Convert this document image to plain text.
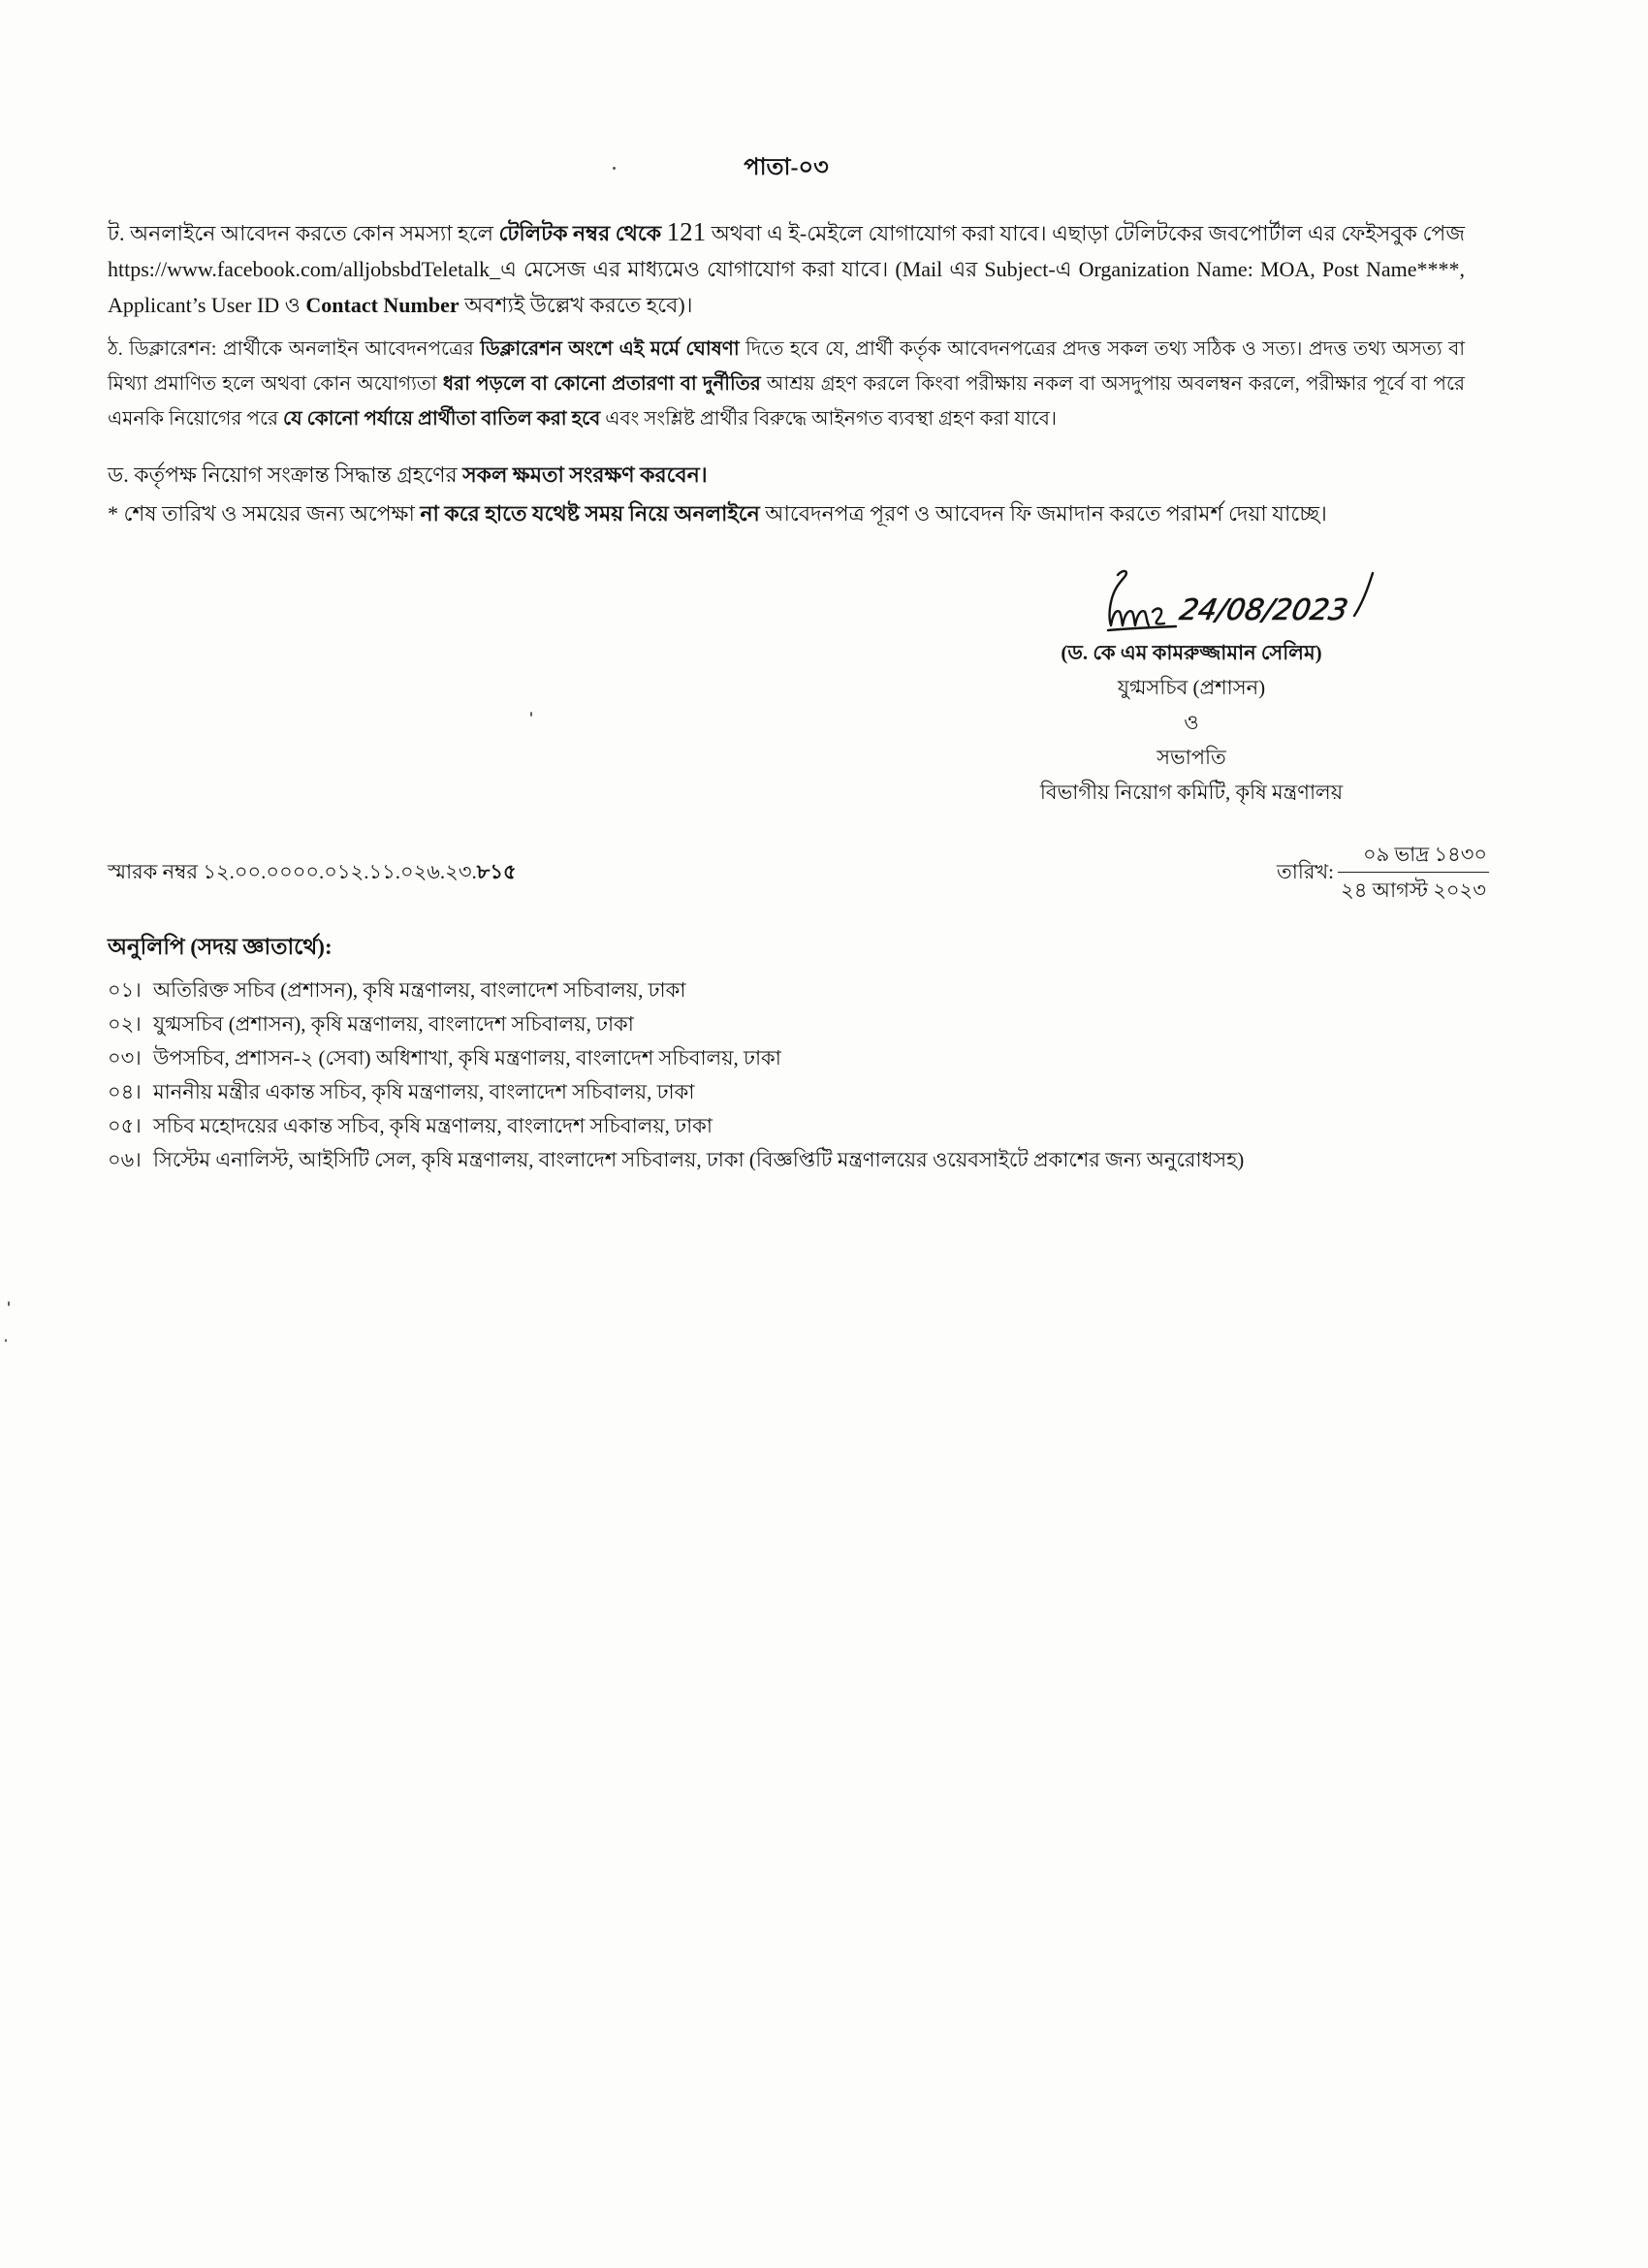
পাতা-০৩

ট. অনলাইনে আবেদন করতে কোন সমস্যা হলে টেলিটক নম্বর থেকে 121 অথবা এ ই-মেইলে যোগাযোগ করা যাবে। এছাড়া টেলিটকের জবপোর্টাল এর ফেইসবুক পেজ https://www.facebook.com/alljobsbdTeletalk_এ মেসেজ এর মাধ্যমেও যোগাযোগ করা যাবে। (Mail এর Subject-এ Organization Name: MOA, Post Name****, Applicant’s User ID ও Contact Number অবশ্যই উল্লেখ করতে হবে)।

ঠ. ডিক্লারেশন: প্রার্থীকে অনলাইন আবেদনপত্রের ডিক্লারেশন অংশে এই মর্মে ঘোষণা দিতে হবে যে, প্রার্থী কর্তৃক আবেদনপত্রের প্রদত্ত সকল তথ্য সঠিক ও সত্য। প্রদত্ত তথ্য অসত্য বা মিথ্যা প্রমাণিত হলে অথবা কোন অযোগ্যতা ধরা পড়লে বা কোনো প্রতারণা বা দুর্নীতির আশ্রয় গ্রহণ করলে কিংবা পরীক্ষায় নকল বা অসদুপায় অবলম্বন করলে, পরীক্ষার পূর্বে বা পরে এমনকি নিয়োগের পরে যে কোনো পর্যায়ে প্রার্থীতা বাতিল করা হবে এবং সংশ্লিষ্ট প্রার্থীর বিরুদ্ধে আইনগত ব্যবস্থা গ্রহণ করা যাবে।

ড. কর্তৃপক্ষ নিয়োগ সংক্রান্ত সিদ্ধান্ত গ্রহণের সকল ক্ষমতা সংরক্ষণ করবেন।

* শেষ তারিখ ও সময়ের জন্য অপেক্ষা না করে হাতে যথেষ্ট সময় নিয়ে অনলাইনে আবেদনপত্র পূরণ ও আবেদন ফি জমাদান করতে পরামর্শ দেয়া যাচ্ছে।

24/08/2023
(ড. কে এম কামরুজ্জামান সেলিম)
যুগ্মসচিব (প্রশাসন)
ও
সভাপতি
বিভাগীয় নিয়োগ কমিটি, কৃষি মন্ত্রণালয়
স্মারক নম্বর ১২.০০.০০০০.০১২.১১.০২৬.২৩.৮১৫	তারিখ: $\frac{\text{০৯ ভাদ্র ১৪৩০}}{\text{২৪ আগস্ট ২০২৩}}$
অনুলিপি (সদয় জ্ঞাতার্থে):
০১। অতিরিক্ত সচিব (প্রশাসন), কৃষি মন্ত্রণালয়, বাংলাদেশ সচিবালয়, ঢাকা
০২। যুগ্মসচিব (প্রশাসন), কৃষি মন্ত্রণালয়, বাংলাদেশ সচিবালয়, ঢাকা
০৩। উপসচিব, প্রশাসন-২ (সেবা) অধিশাখা, কৃষি মন্ত্রণালয়, বাংলাদেশ সচিবালয়, ঢাকা
০৪। মাননীয় মন্ত্রীর একান্ত সচিব, কৃষি মন্ত্রণালয়, বাংলাদেশ সচিবালয়, ঢাকা
০৫। সচিব মহোদয়ের একান্ত সচিব, কৃষি মন্ত্রণালয়, বাংলাদেশ সচিবালয়, ঢাকা
০৬। সিস্টেম এনালিস্ট, আইসিটি সেল, কৃষি মন্ত্রণালয়, বাংলাদেশ সচিবালয়, ঢাকা (বিজ্ঞপ্তিটি মন্ত্রণালয়ের ওয়েবসাইটে প্রকাশের জন্য অনুরোধসহ)
